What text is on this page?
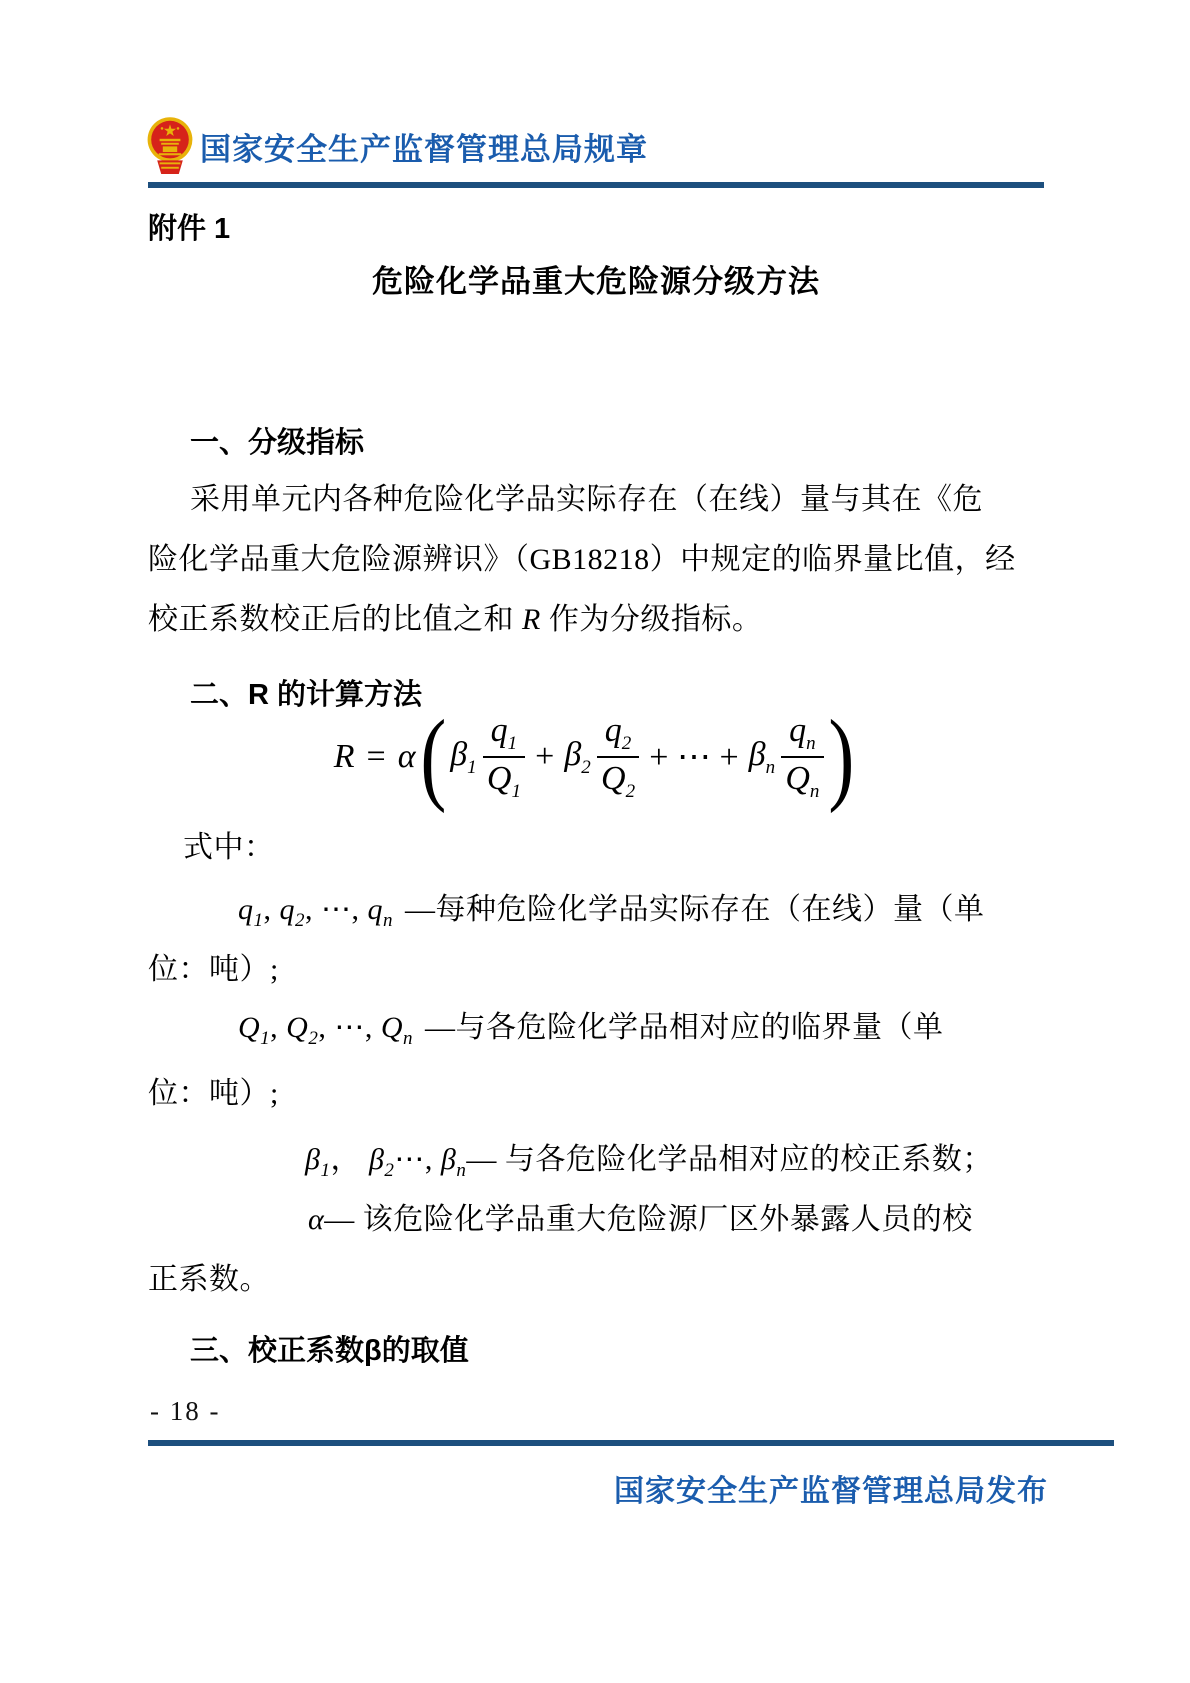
国家安全生产监督管理总局规章
附件 1
危险化学品重大危险源分级方法
一、分级指标
采用单元内各种危险化学品实际存在（在线）量与其在《危
险化学品重大危险源辨识》（GB18218）中规定的临界量比值，经
校正系数校正后的比值之和 R 作为分级指标。
二、R 的计算方法
R = α ( $\beta_1 \frac{q_1}{Q_1} + \beta_2 \frac{q_2}{Q_2}$ + ⋯ + $\beta_n \frac{q_n}{Q_n}$ )
式中：
$q_1$, $q_2$, ⋯, $q_n$ —每种危险化学品实际存在（在线）量（单
位：吨）;
$Q_1$, $Q_2$, ⋯, $Q_n$ —与各危险化学品相对应的临界量（单
位：吨）;
$\beta_1$， $\beta_2\cdots$, $\beta_n—$ 与各危险化学品相对应的校正系数；
α— 该危险化学品重大危险源厂区外暴露人员的校
正系数。
三、校正系数β的取值
- 18 -
国家安全生产监督管理总局发布
